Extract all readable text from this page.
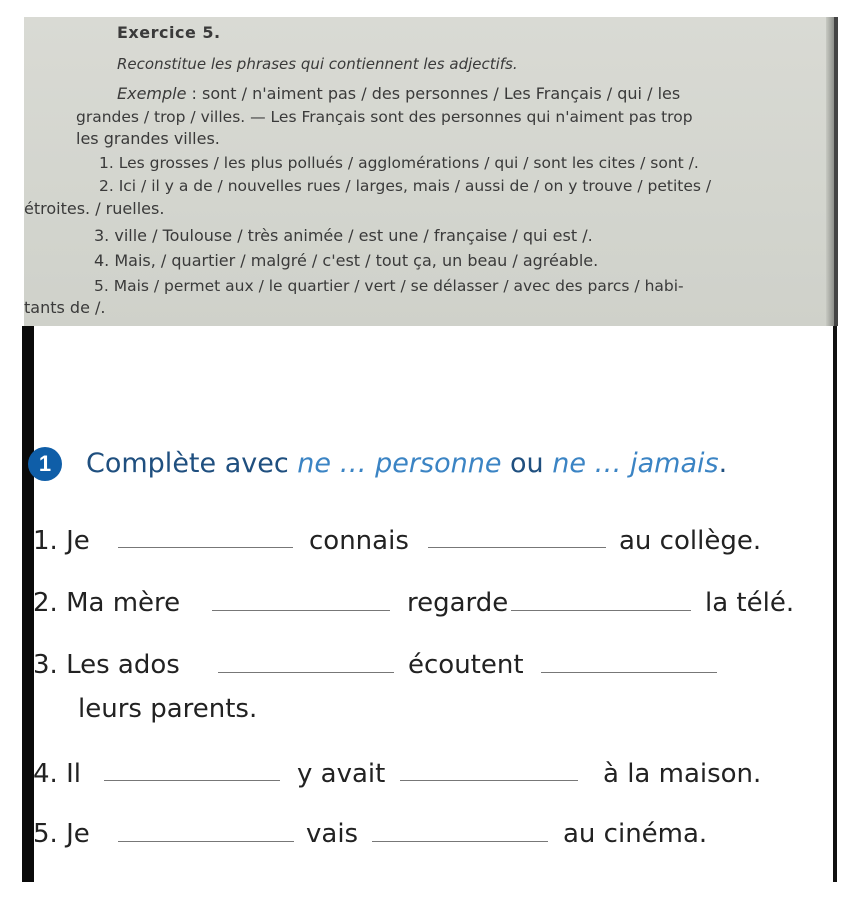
Exercice 5.

Reconstitue les phrases qui contiennent les adjectifs.

Exemple : sont / n'aiment pas / des personnes / Les Français / qui / les

grandes / trop / villes. — Les Français sont des personnes qui n'aiment pas trop

les grandes villes.

1. Les grosses / les plus pollués / agglomérations / qui / sont les cites / sont /.

2. Ici / il y a de / nouvelles rues / larges, mais / aussi de / on y trouve / petites /

étroites. / ruelles.

3. ville / Toulouse / très animée / est une / française / qui est /.

4. Mais, / quartier / malgré / c'est / tout ça, un beau / agréable.

5. Mais / permet aux / le quartier / vert / se délasser / avec des parcs / habi-

tants de /.

1	Complète avec ne … personne ou ne … jamais.
1. Je	connais	au collège.
2. Ma mère	regarde	la télé.
3. Les ados	écoutent
leurs parents.
4. Il	y avait	à la maison.
5. Je	vais	au cinéma.
